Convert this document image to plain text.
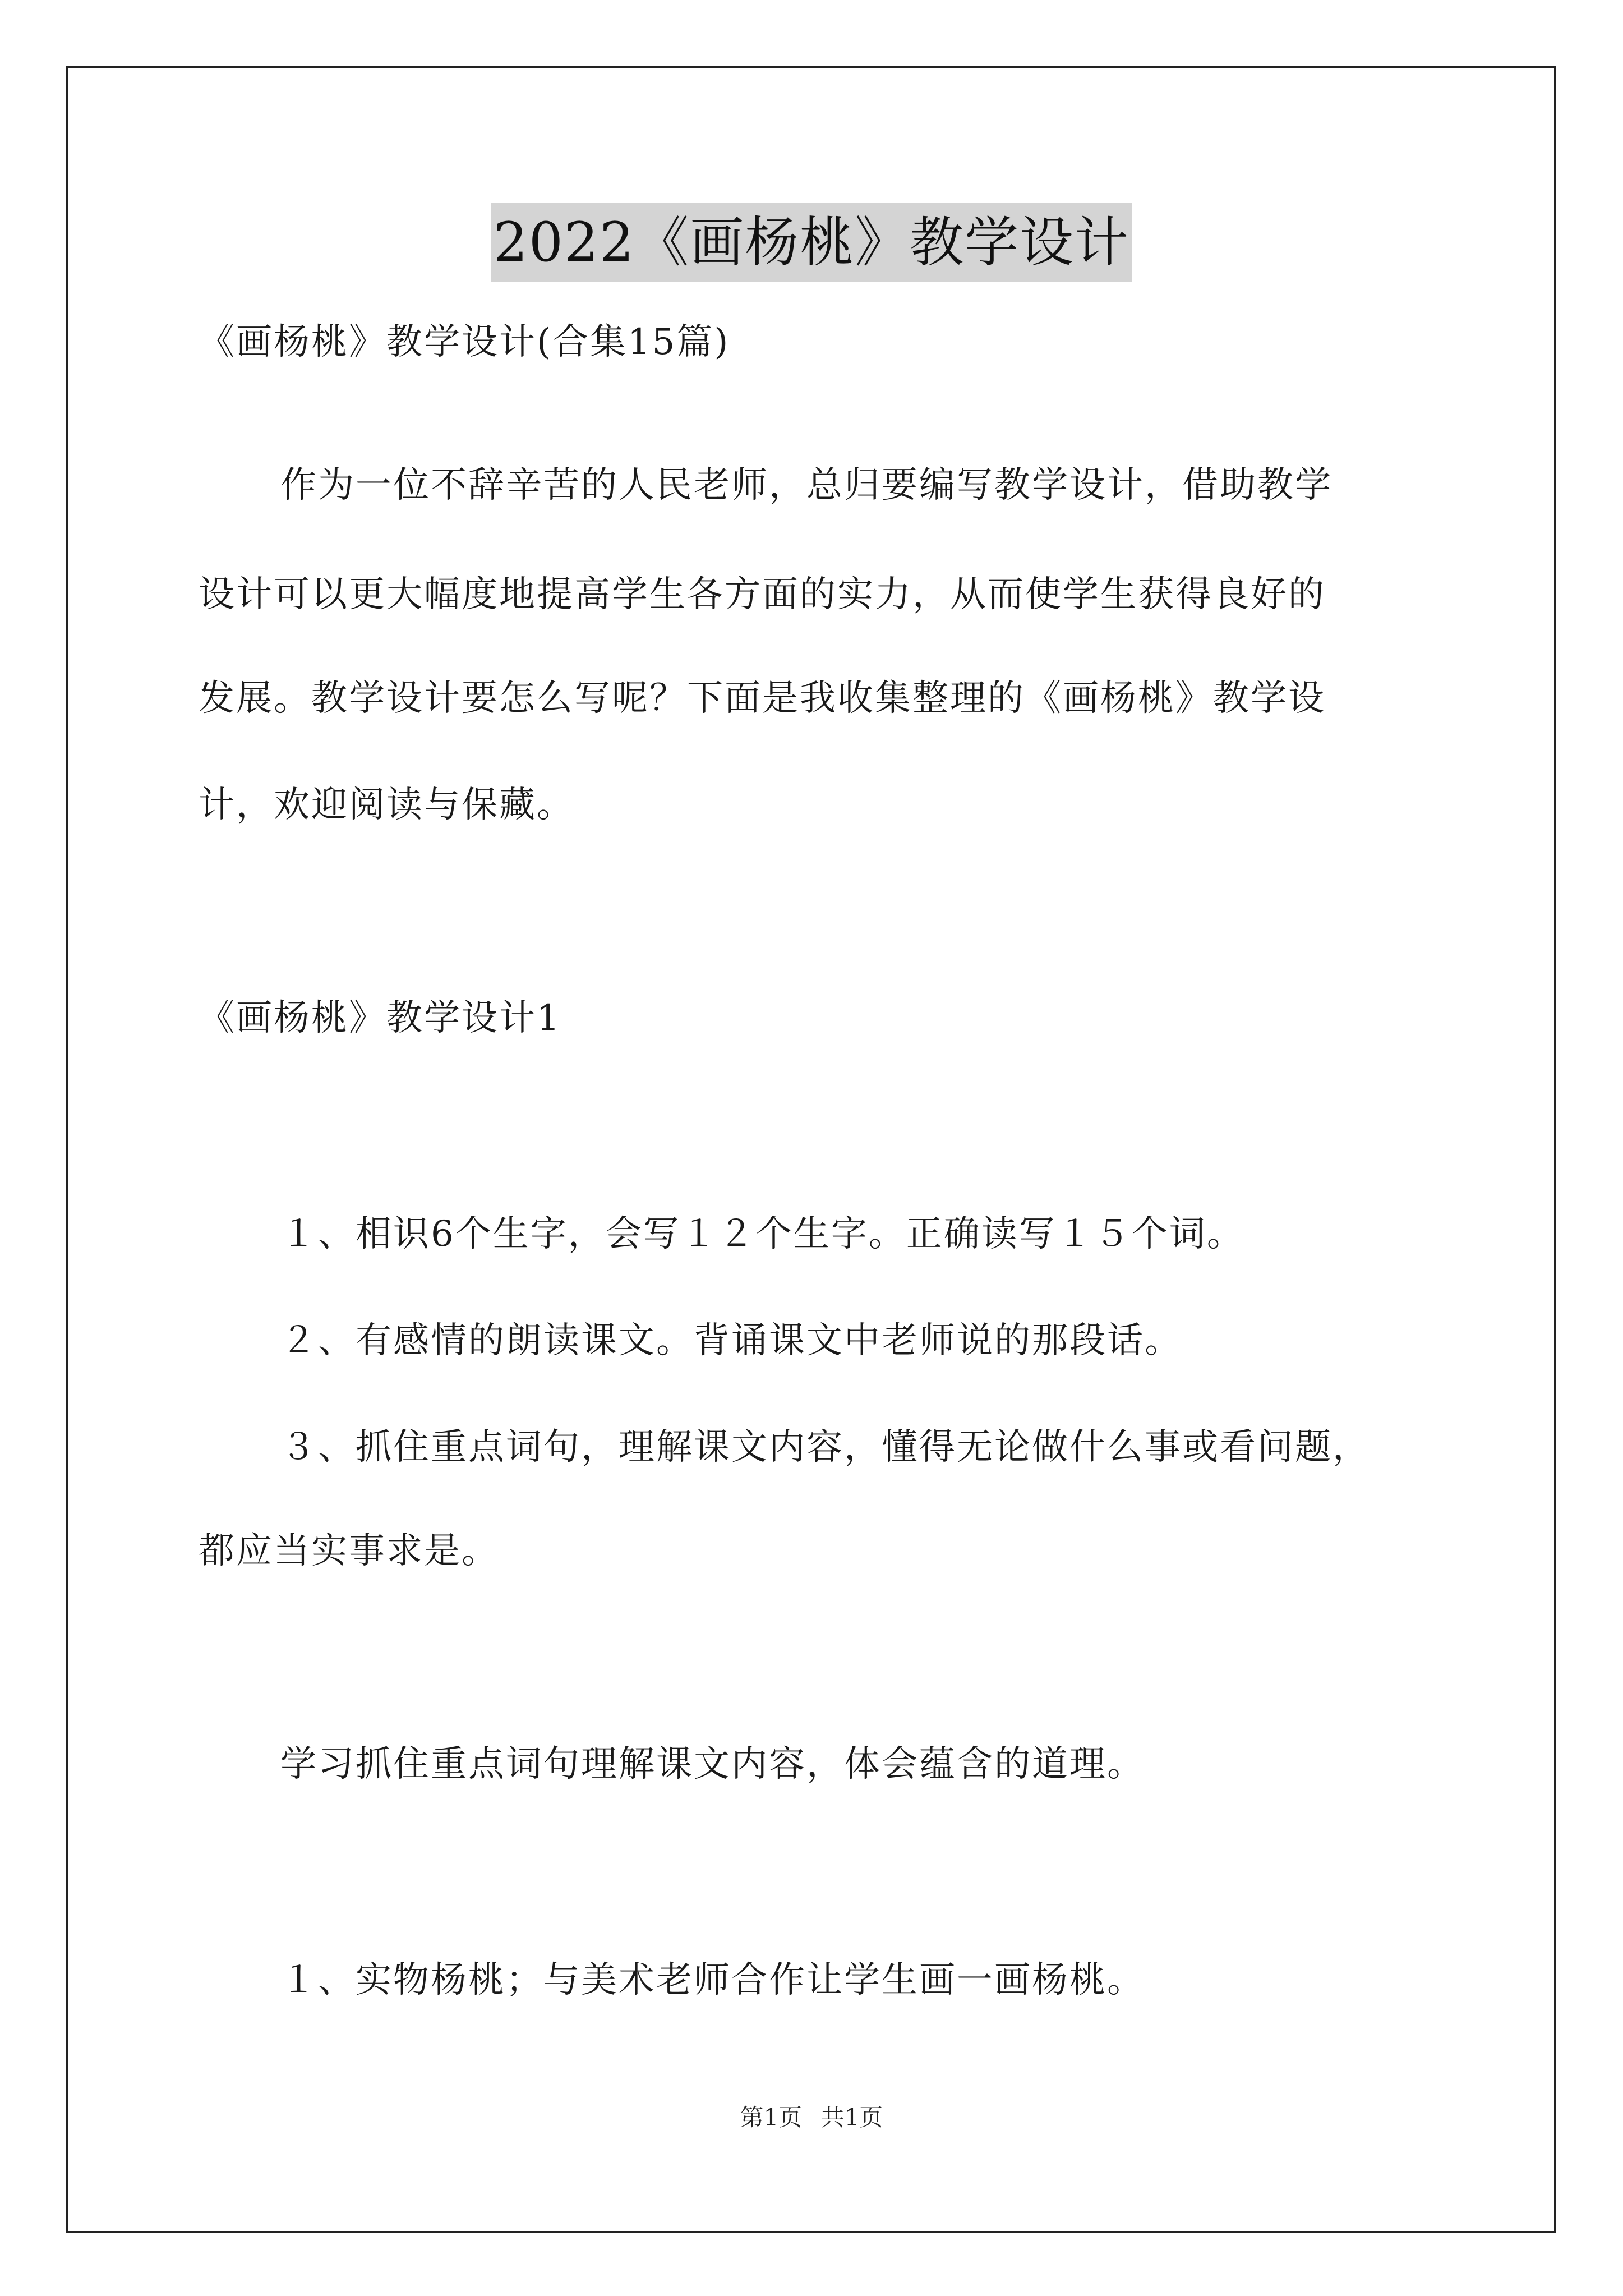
2022《画杨桃》教学设计
《画杨桃》教学设计(合集15篇)
作为一位不辞辛苦的人民老师，总归要编写教学设计，借助教学
设计可以更大幅度地提高学生各方面的实力，从而使学生获得良好的
发展。教学设计要怎么写呢？下面是我收集整理的《画杨桃》教学设
计，欢迎阅读与保藏。
《画杨桃》教学设计1
１、相识6个生字，会写１２个生字。正确读写１５个词。
２、有感情的朗读课文。背诵课文中老师说的那段话。
３、抓住重点词句，理解课文内容，懂得无论做什么事或看问题，
都应当实事求是。
学习抓住重点词句理解课文内容，体会蕴含的道理。
１、实物杨桃；与美术老师合作让学生画一画杨桃。
第1页 共1页
